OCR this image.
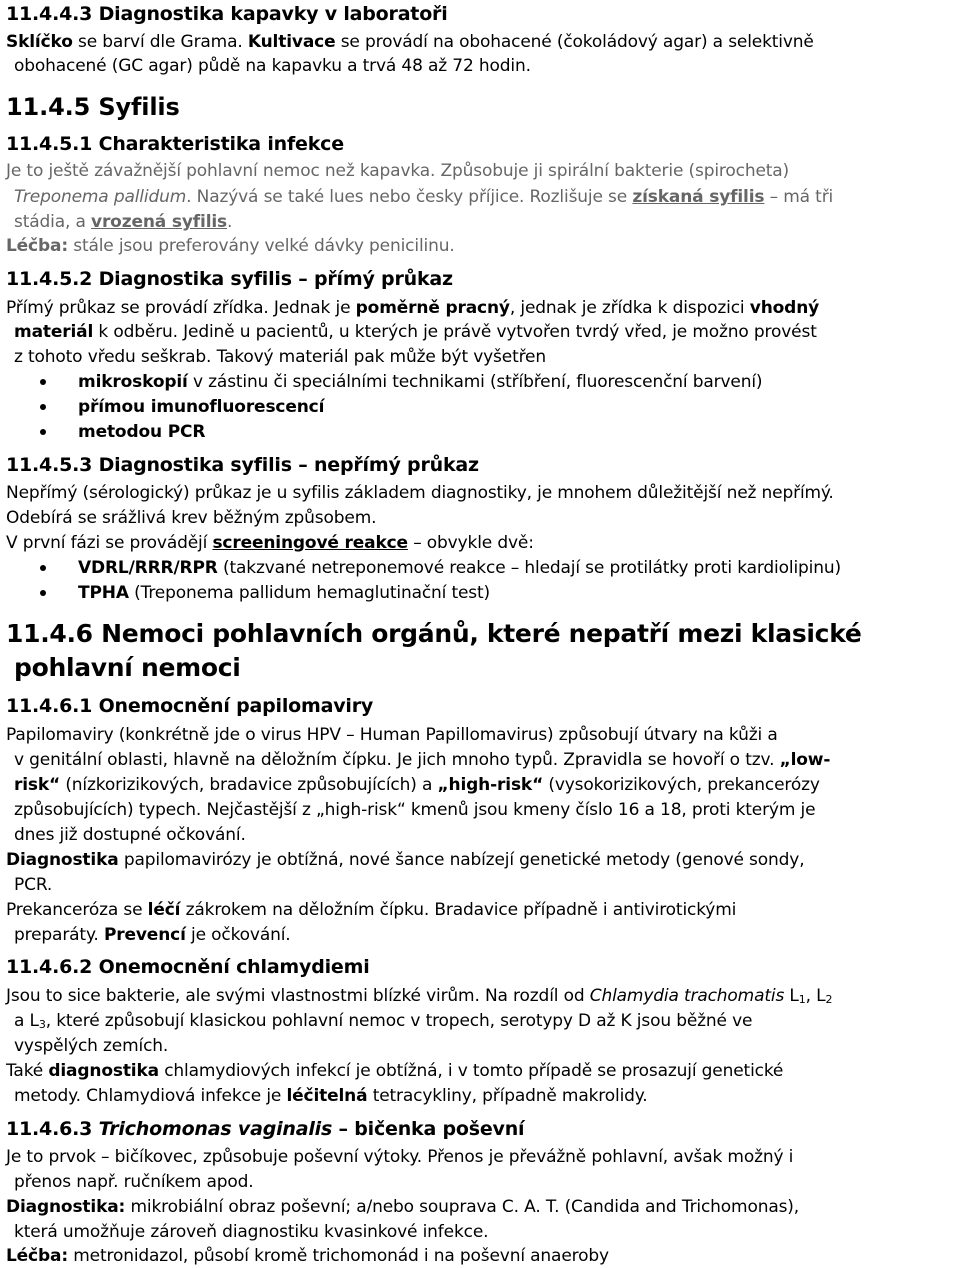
11.4.4.3 Diagnostika kapavky v laboratoři
Sklíčko se barví dle Grama. Kultivace se provádí na obohacené (čokoládový agar) a selektivně
obohacené (GC agar) půdě na kapavku a trvá 48 až 72 hodin.
11.4.5 Syfilis
11.4.5.1 Charakteristika infekce
Je to ještě závažnější pohlavní nemoc než kapavka. Způsobuje ji spirální bakterie (spirocheta)
Treponema pallidum. Nazývá se také lues nebo česky příjice. Rozlišuje se získaná syfilis – má tři
stádia, a vrozená syfilis.
Léčba: stále jsou preferovány velké dávky penicilinu.
11.4.5.2 Diagnostika syfilis – přímý průkaz
Přímý průkaz se provádí zřídka. Jednak je poměrně pracný, jednak je zřídka k dispozici vhodný
materiál k odběru. Jedině u pacientů, u kterých je právě vytvořen tvrdý vřed, je možno provést
z tohoto vředu seškrab. Takový materiál pak může být vyšetřen
mikroskopií v zástinu či speciálními technikami (stříbření, fluorescenční barvení)
přímou imunofluorescencí
metodou PCR
11.4.5.3 Diagnostika syfilis – nepřímý průkaz
Nepřímý (sérologický) průkaz je u syfilis základem diagnostiky, je mnohem důležitější než nepřímý.
Odebírá se srážlivá krev běžným způsobem.
V první fázi se provádějí screeningové reakce – obvykle dvě:
VDRL/RRR/RPR (takzvané netreponemové reakce – hledají se protilátky proti kardiolipinu)
TPHA (Treponema pallidum hemaglutinační test)
11.4.6 Nemoci pohlavních orgánů, které nepatří mezi klasické
pohlavní nemoci
11.4.6.1 Onemocnění papilomaviry
Papilomaviry (konkrétně jde o virus HPV – Human Papillomavirus) způsobují útvary na kůži a
v genitální oblasti, hlavně na děložním čípku. Je jich mnoho typů. Zpravidla se hovoří o tzv. „low-
risk“ (nízkorizikových, bradavice způsobujících) a „high-risk“ (vysokorizikových, prekancerózy
způsobujících) typech. Nejčastější z „high-risk“ kmenů jsou kmeny číslo 16 a 18, proti kterým je
dnes již dostupné očkování.
Diagnostika papilomavirózy je obtížná, nové šance nabízejí genetické metody (genové sondy,
PCR.
Prekanceróza se léčí zákrokem na děložním čípku. Bradavice případně i antivirotickými
preparáty. Prevencí je očkování.
11.4.6.2 Onemocnění chlamydiemi
Jsou to sice bakterie, ale svými vlastnostmi blízké virům. Na rozdíl od Chlamydia trachomatis $L_1$, $L_2$
a $L_3$, které způsobují klasickou pohlavní nemoc v tropech, serotypy D až K jsou běžné ve
vyspělých zemích.
Také diagnostika chlamydiových infekcí je obtížná, i v tomto případě se prosazují genetické
metody. Chlamydiová infekce je léčitelná tetracykliny, případně makrolidy.
11.4.6.3 Trichomonas vaginalis – bičenka poševní
Je to prvok – bičíkovec, způsobuje poševní výtoky. Přenos je převážně pohlavní, avšak možný i
přenos např. ručníkem apod.
Diagnostika: mikrobiální obraz poševní; a/nebo souprava C. A. T. (Candida and Trichomonas),
která umožňuje zároveň diagnostiku kvasinkové infekce.
Léčba: metronidazol, působí kromě trichomonád i na poševní anaeroby
